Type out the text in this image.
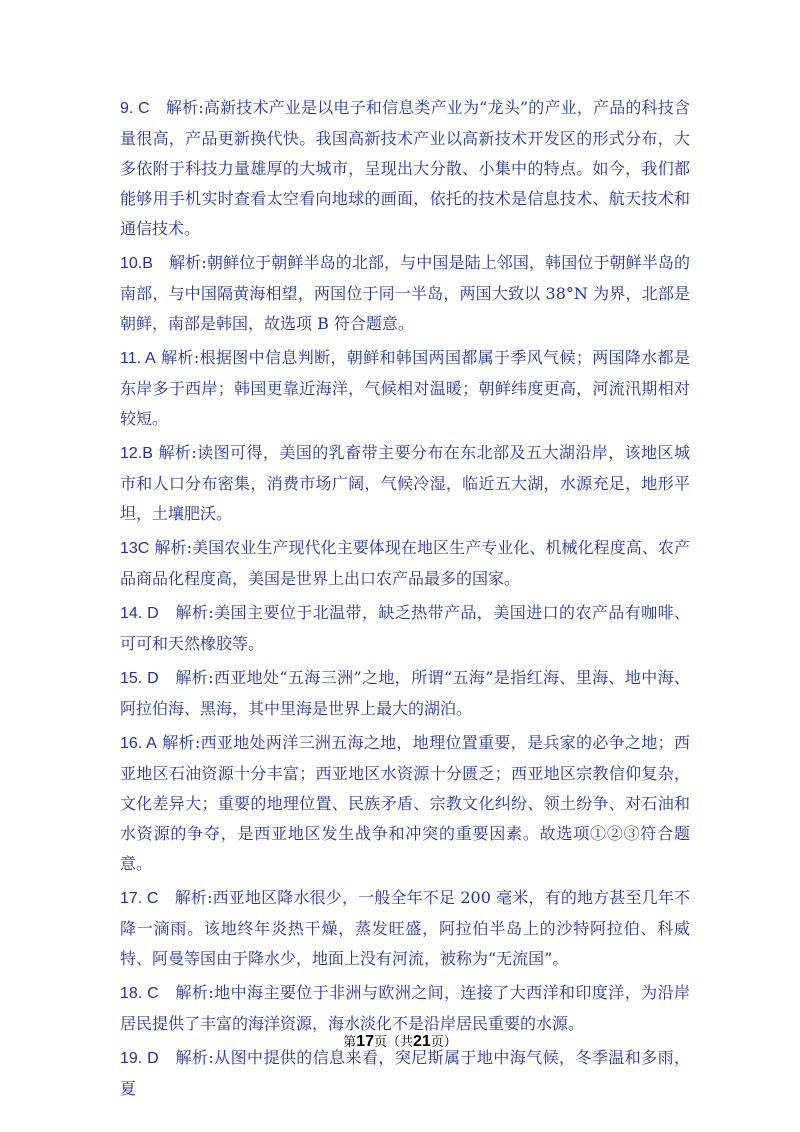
9. C　解析:高新技术产业是以电子和信息类产业为“龙头”的产业，产品的科技含量很高，产品更新换代快。我国高新技术产业以高新技术开发区的形式分布，大多依附于科技力量雄厚的大城市，呈现出大分散、小集中的特点。如今，我们都能够用手机实时查看太空看向地球的画面，依托的技术是信息技术、航天技术和通信技术。

10.B　解析:朝鲜位于朝鲜半岛的北部，与中国是陆上邻国，韩国位于朝鲜半岛的南部，与中国隔黄海相望，两国位于同一半岛，两国大致以 38°N 为界，北部是朝鲜，南部是韩国，故选项 B 符合题意。

11. A 解析:根据图中信息判断，朝鲜和韩国两国都属于季风气候；两国降水都是东岸多于西岸；韩国更靠近海洋，气候相对温暖；朝鲜纬度更高，河流汛期相对较短。

12.B 解析:读图可得，美国的乳畜带主要分布在东北部及五大湖沿岸，该地区城市和人口分布密集，消费市场广阔，气候冷湿，临近五大湖，水源充足，地形平坦，土壤肥沃。

13C 解析:美国农业生产现代化主要体现在地区生产专业化、机械化程度高、农产品商品化程度高，美国是世界上出口农产品最多的国家。

14. D　解析:美国主要位于北温带，缺乏热带产品，美国进口的农产品有咖啡、可可和天然橡胶等。

15. D　解析:西亚地处“五海三洲”之地，所谓“五海”是指红海、里海、地中海、阿拉伯海、黑海，其中里海是世界上最大的湖泊。

16. A 解析:西亚地处两洋三洲五海之地，地理位置重要，是兵家的必争之地；西亚地区石油资源十分丰富；西亚地区水资源十分匮乏；西亚地区宗教信仰复杂，文化差异大；重要的地理位置、民族矛盾、宗教文化纠纷、领土纷争、对石油和水资源的争夺，是西亚地区发生战争和冲突的重要因素。故选项①②③符合题意。

17. C　解析:西亚地区降水很少，一般全年不足 200 毫米，有的地方甚至几年不降一滴雨。该地终年炎热干燥，蒸发旺盛，阿拉伯半岛上的沙特阿拉伯、科威特、阿曼等国由于降水少，地面上没有河流，被称为“无流国”。

18. C　解析:地中海主要位于非洲与欧洲之间，连接了大西洋和印度洋，为沿岸居民提供了丰富的海洋资源，海水淡化不是沿岸居民重要的水源。

19. D　解析:从图中提供的信息来看，突尼斯属于地中海气候，冬季温和多雨，夏

第17页（共21页）
